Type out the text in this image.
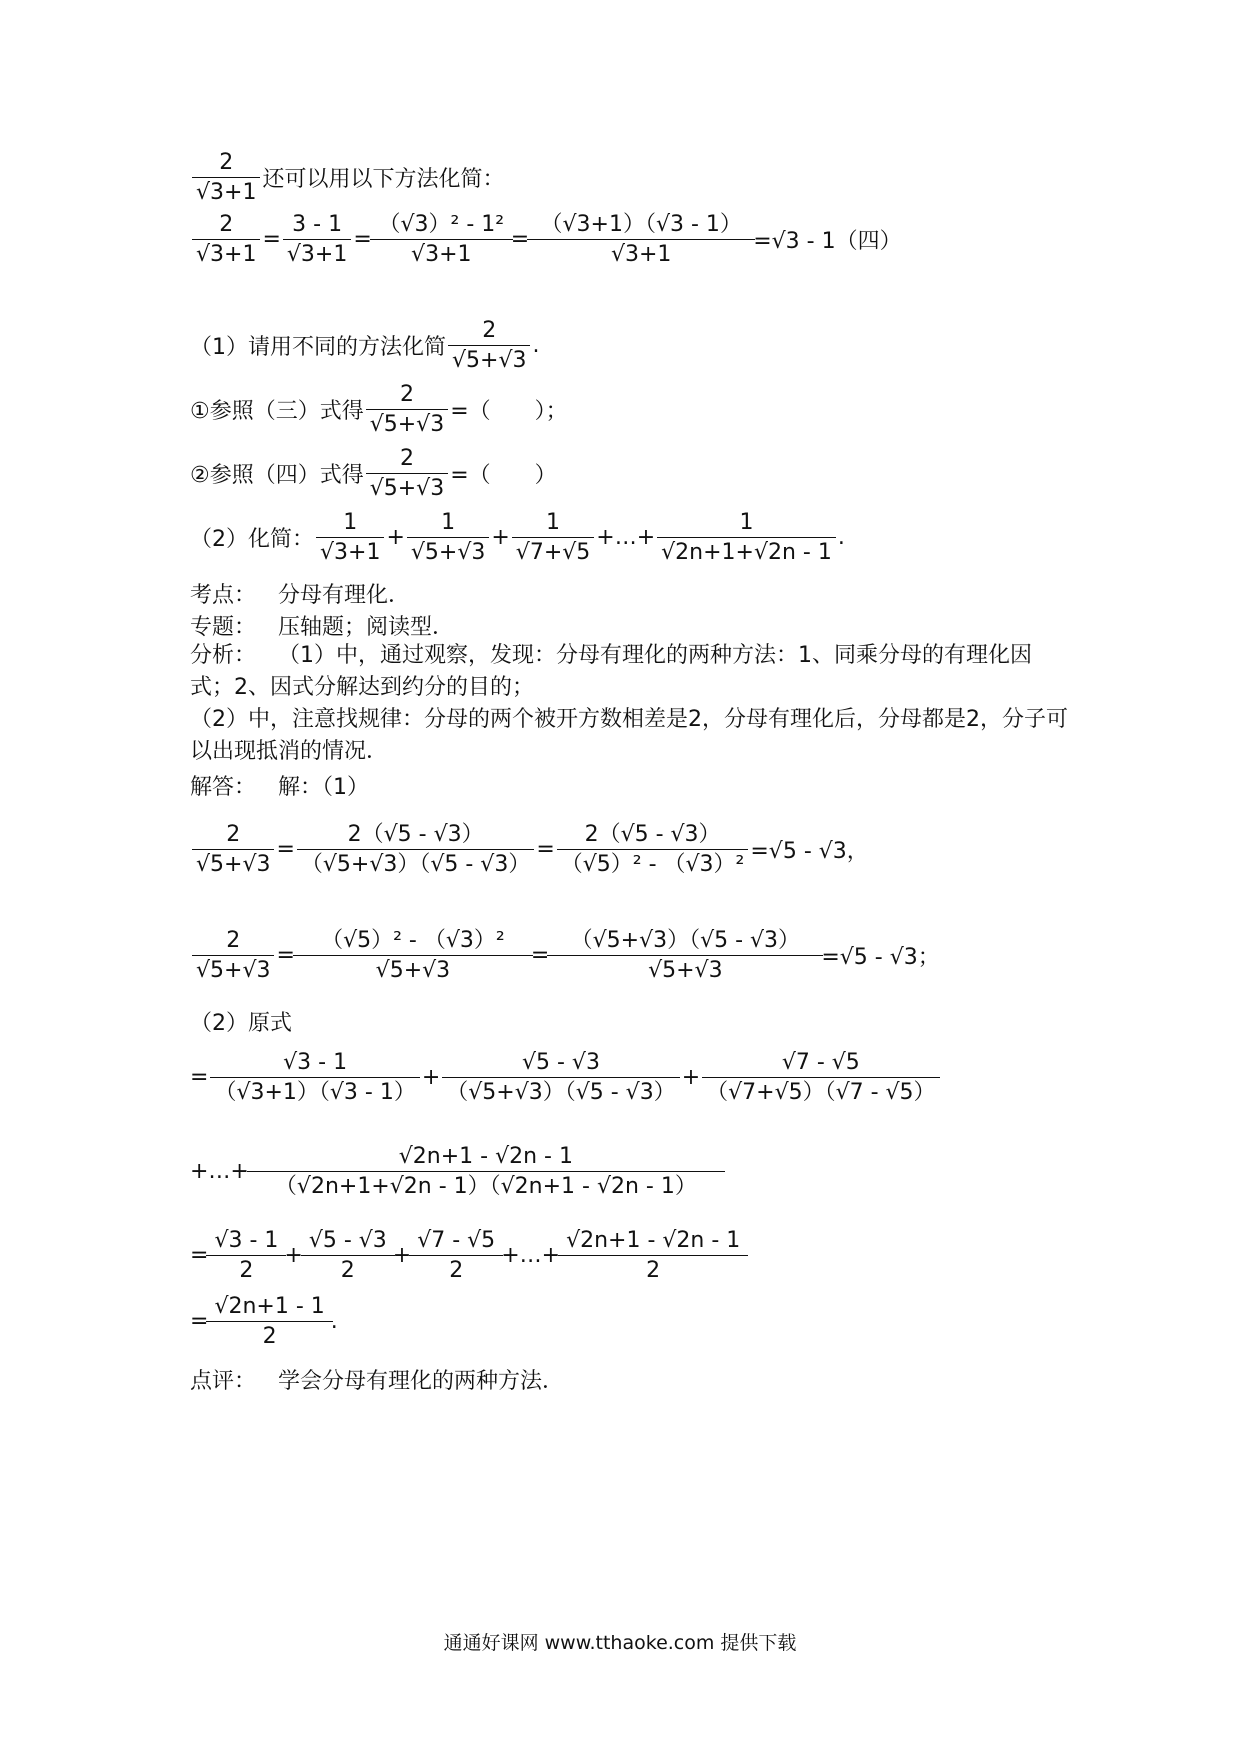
$\frac{2}{√3+1}$ 还可以用以下方法化简：
$\frac{2}{√3+1} = \frac{3 - 1}{√3+1} = \frac{\text{（√3）² - 1²}}{√3+1} = \frac{(√3+1)(√3 - 1)}{√3+1} =√3 - 1$（四）
（1）请用不同的方法化简 $\frac{2}{√5+√3}$ .
①参照（三）式得 $\frac{2}{√5+√3}$ =（　　）；
②参照（四）式得 $\frac{2}{√5+√3}$ =（　　）
（2）化简： $\frac{1}{√3+1} + \frac{1}{√5+√3} + \frac{1}{√7+√5}$ +…+ $\frac{1}{√2n+1+√2n - 1}$ .
考点： 分母有理化．
专题： 压轴题；阅读型．
分析： （1）中，通过观察，发现：分母有理化的两种方法：1、同乘分母的有理化因式；2、因式分解达到约分的目的；
（2）中，注意找规律：分母的两个被开方数相差是2，分母有理化后，分母都是2，分子可以出现抵消的情况．
解答： 解：（1）
$\frac{2}{√5+√3} = \frac{2(√5 - √3)}{(√5+√3)(√5 - √3)} = \frac{2(√5 - √3)}{\text{（√5）² - （√3）²}} =√5 - √3$，
$\frac{2}{√5+√3} = \frac{\text{（√5）² - （√3）²}}{√5+√3} = \frac{(√5+√3)(√5 - √3)}{√5+√3} =√5 - √3$；
（2）原式
= $\frac{√3 - 1}{(√3+1)(√3 - 1)} + \frac{√5 - √3}{(√5+√3)(√5 - √3)} + \frac{√7 - √5}{(√7+√5)(√7 - √5)}$
+…+ $\frac{√2n+1 - √2n - 1}{(√2n+1+√2n - 1)(√2n+1 - √2n - 1)}$
= $\frac{√3 - 1}{2} + \frac{√5 - √3}{2} + \frac{√7 - √5}{2}$ +…+ $\frac{√2n+1 - √2n - 1}{2}$
= $\frac{√2n+1 - 1}{2}$ .
点评： 学会分母有理化的两种方法．
通通好课网 www.tthaoke.com 提供下载
